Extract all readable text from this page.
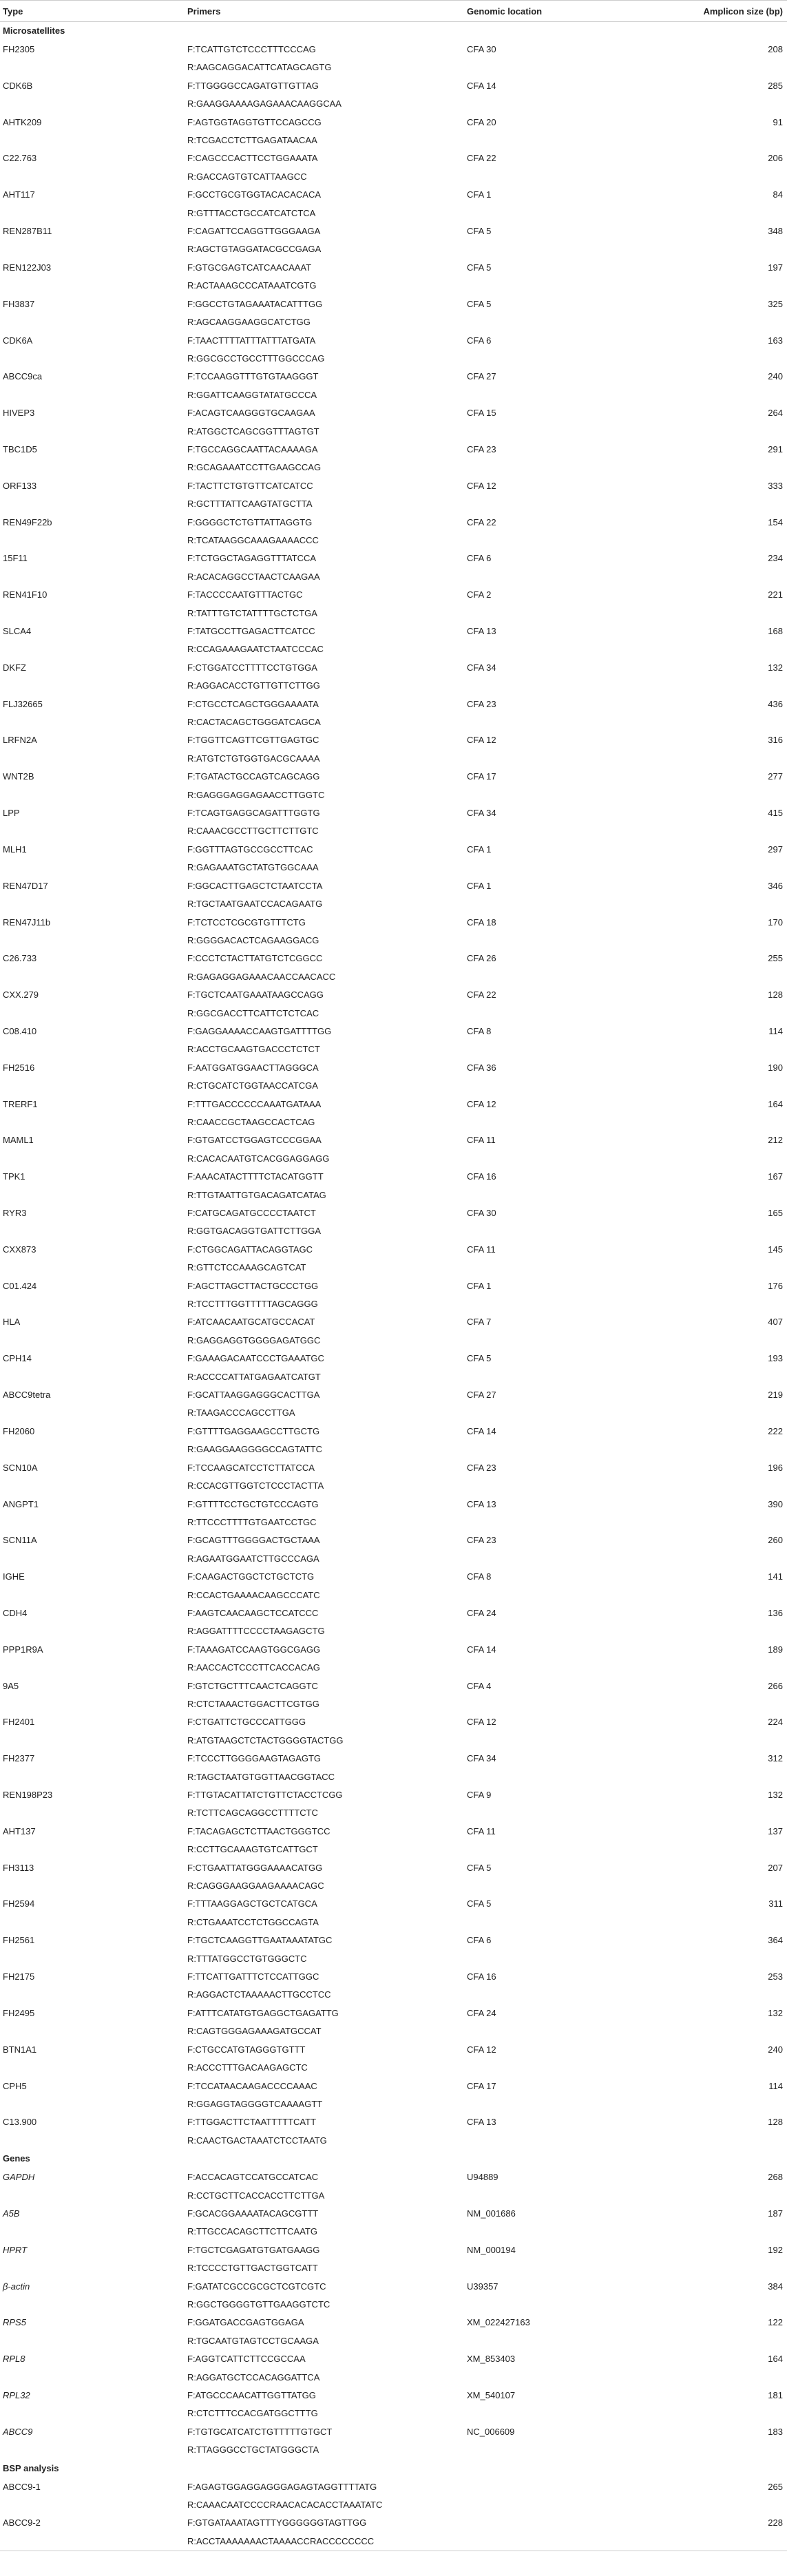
Type	Primers	Genomic location	Amplicon size (bp)
Microsatellites			
FH2305	F:TCATTGTCTCCCTTTCCCAG	CFA 30	208
	R:AAGCAGGACATTCATAGCAGTG		
CDK6B	F:TTGGGGCCAGATGTTGTTAG	CFA 14	285
	R:GAAGGAAAAGAGAAACAAGGCAA		
AHTK209	F:AGTGGTAGGTGTTCCAGCCG	CFA 20	91
	R:TCGACCTCTTGAGATAACAA		
C22.763	F:CAGCCCACTTCCTGGAAATA	CFA 22	206
	R:GACCAGTGTCATTAAGCC		
AHT117	F:GCCTGCGTGGTACACACACA	CFA 1	84
	R:GTTTACCTGCCATCATCTCA		
REN287B11	F:CAGATTCCAGGTTGGGAAGA	CFA 5	348
	R:AGCTGTAGGATACGCCGAGA		
REN122J03	F:GTGCGAGTCATCAACAAAT	CFA 5	197
	R:ACTAAAGCCCATAAATCGTG		
FH3837	F:GGCCTGTAGAAATACATTTGG	CFA 5	325
	R:AGCAAGGAAGGCATCTGG		
CDK6A	F:TAACTTTTATTTATTTATGATA	CFA 6	163
	R:GGCGCCTGCCTTTGGCCCAG		
ABCC9ca	F:TCCAAGGTTTGTGTAAGGGT	CFA 27	240
	R:GGATTCAAGGTATATGCCCA		
HIVEP3	F:ACAGTCAAGGGTGCAAGAA	CFA 15	264
	R:ATGGCTCAGCGGTTTAGTGT		
TBC1D5	F:TGCCAGGCAATTACAAAAGA	CFA 23	291
	R:GCAGAAATCCTTGAAGCCAG		
ORF133	F:TACTTCTGTGTTCATCATCC	CFA 12	333
	R:GCTTTATTCAAGTATGCTTA		
REN49F22b	F:GGGGCTCTGTTATTAGGTG	CFA 22	154
	R:TCATAAGGCAAAGAAAACCC		
15F11	F:TCTGGCTAGAGGTTTATCCA	CFA 6	234
	R:ACACAGGCCTAACTCAAGAA		
REN41F10	F:TACCCCAATGTTTACTGC	CFA 2	221
	R:TATTTGTCTATTTTGCTCTGA		
SLCA4	F:TATGCCTTGAGACTTCATCC	CFA 13	168
	R:CCAGAAAGAATCTAATCCCAC		
DKFZ	F:CTGGATCCTTTTCCTGTGGA	CFA 34	132
	R:AGGACACCTGTTGTTCTTGG		
FLJ32665	F:CTGCCTCAGCTGGGAAAATA	CFA 23	436
	R:CACTACAGCTGGGATCAGCA		
LRFN2A	F:TGGTTCAGTTCGTTGAGTGC	CFA 12	316
	R:ATGTCTGTGGTGACGCAAAA		
WNT2B	F:TGATACTGCCAGTCAGCAGG	CFA 17	277
	R:GAGGGAGGAGAACCTTGGTC		
LPP	F:TCAGTGAGGCAGATTTGGTG	CFA 34	415
	R:CAAACGCCTTGCTTCTTGTC		
MLH1	F:GGTTTAGTGCCGCCTTCAC	CFA 1	297
	R:GAGAAATGCTATGTGGCAAA		
REN47D17	F:GGCACTTGAGCTCTAATCCTA	CFA 1	346
	R:TGCTAATGAATCCACAGAATG		
REN47J11b	F:TCTCCTCGCGTGTTTCTG	CFA 18	170
	R:GGGGACACTCAGAAGGACG		
C26.733	F:CCCTCTACTTATGTCTCGGCC	CFA 26	255
	R:GAGAGGAGAAACAACCAACACC		
CXX.279	F:TGCTCAATGAAATAAGCCAGG	CFA 22	128
	R:GGCGACCTTCATTCTCTCAC		
C08.410	F:GAGGAAAACCAAGTGATTTTGG	CFA 8	114
	R:ACCTGCAAGTGACCCTCTCT		
FH2516	F:AATGGATGGAACTTAGGGCA	CFA 36	190
	R:CTGCATCTGGTAACCATCGA		
TRERF1	F:TTTGACCCCCCAAATGATAAA	CFA 12	164
	R:CAACCGCTAAGCCACTCAG		
MAML1	F:GTGATCCTGGAGTCCCGGAA	CFA 11	212
	R:CACACAATGTCACGGAGGAGG		
TPK1	F:AAACATACTTTTCTACATGGTT	CFA 16	167
	R:TTGTAATTGTGACAGATCATAG		
RYR3	F:CATGCAGATGCCCCTAATCT	CFA 30	165
	R:GGTGACAGGTGATTCTTGGA		
CXX873	F:CTGGCAGATTACAGGTAGC	CFA 11	145
	R:GTTCTCCAAAGCAGTCAT		
C01.424	F:AGCTTAGCTTACTGCCCTGG	CFA 1	176
	R:TCCTTTGGTTTTTAGCAGGG		
HLA	F:ATCAACAATGCATGCCACAT	CFA 7	407
	R:GAGGAGGTGGGGAGATGGC		
CPH14	F:GAAAGACAATCCCTGAAATGC	CFA 5	193
	R:ACCCCATTATGAGAATCATGT		
ABCC9tetra	F:GCATTAAGGAGGGCACTTGA	CFA 27	219
	R:TAAGACCCAGCCTTGA		
FH2060	F:GTTTTGAGGAAGCCTTGCTG	CFA 14	222
	R:GAAGGAAGGGGCCAGTATTC		
SCN10A	F:TCCAAGCATCCTCTTATCCA	CFA 23	196
	R:CCACGTTGGTCTCCCTACTTA		
ANGPT1	F:GTTTTCCTGCTGTCCCAGTG	CFA 13	390
	R:TTCCCTTTTGTGAATCCTGC		
SCN11A	F:GCAGTTTGGGGACTGCTAAA	CFA 23	260
	R:AGAATGGAATCTTGCCCAGA		
IGHE	F:CAAGACTGGCTCTGCTCTG	CFA 8	141
	R:CCACTGAAAACAAGCCCATC		
CDH4	F:AAGTCAACAAGCTCCATCCC	CFA 24	136
	R:AGGATTTTCCCCTAAGAGCTG		
PPP1R9A	F:TAAAGATCCAAGTGGCGAGG	CFA 14	189
	R:AACCACTCCCTTCACCACAG		
9A5	F:GTCTGCTTTCAACTCAGGTC	CFA 4	266
	R:CTCTAAACTGGACTTCGTGG		
FH2401	F:CTGATTCTGCCCATTGGG	CFA 12	224
	R:ATGTAAGCTCTACTGGGGTACTGG		
FH2377	F:TCCCTTGGGGAAGTAGAGTG	CFA 34	312
	R:TAGCTAATGTGGTTAACGGTACC		
REN198P23	F:TTGTACATTATCTGTTCTACCTCGG	CFA 9	132
	R:TCTTCAGCAGGCCTTTTCTC		
AHT137	F:TACAGAGCTCTTAACTGGGTCC	CFA 11	137
	R:CCTTGCAAAGTGTCATTGCT		
FH3113	F:CTGAATTATGGGAAAACATGG	CFA 5	207
	R:CAGGGAAGGAAGAAAACAGC		
FH2594	F:TTTAAGGAGCTGCTCATGCA	CFA 5	311
	R:CTGAAATCCTCTGGCCAGTA		
FH2561	F:TGCTCAAGGTTGAATAAATATGC	CFA 6	364
	R:TTTATGGCCTGTGGGCTC		
FH2175	F:TTCATTGATTTCTCCATTGGC	CFA 16	253
	R:AGGACTCTAAAAACTTGCCTCC		
FH2495	F:ATTTCATATGTGAGGCTGAGATTG	CFA 24	132
	R:CAGTGGGAGAAAGATGCCAT		
BTN1A1	F:CTGCCATGTAGGGTGTTT	CFA 12	240
	R:ACCCTTTGACAAGAGCTC		
CPH5	F:TCCATAACAAGACCCCAAAC	CFA 17	114
	R:GGAGGTAGGGGTCAAAAGTT		
C13.900	F:TTGGACTTCTAATTTTTCATT	CFA 13	128
	R:CAACTGACTAAATCTCCTAATG		
Genes			
GAPDH	F:ACCACAGTCCATGCCATCAC	U94889	268
	R:CCTGCTTCACCACCTTCTTGA		
A5B	F:GCACGGAAAATACAGCGTTT	NM_001686	187
	R:TTGCCACAGCTTCTTCAATG		
HPRT	F:TGCTCGAGATGTGATGAAGG	NM_000194	192
	R:TCCCCTGTTGACTGGTCATT		
β-actin	F:GATATCGCCGCGCTCGTCGTC	U39357	384
	R:GGCTGGGGTGTTGAAGGTCTC		
RPS5	F:GGATGACCGAGTGGAGA	XM_022427163	122
	R:TGCAATGTAGTCCTGCAAGA		
RPL8	F:AGGTCATTCTTCCGCCAA	XM_853403	164
	R:AGGATGCTCCACAGGATTCA		
RPL32	F:ATGCCCAACATTGGTTATGG	XM_540107	181
	R:CTCTTTCCACGATGGCTTTG		
ABCC9	F:TGTGCATCATCTGTTTTTGTGCT	NC_006609	183
	R:TTAGGGCCTGCTATGGGCTA		
BSP analysis			
ABCC9-1	F:AGAGTGGAGGAGGGAGAGTAGGTTTTATG		265
	R:CAAACAATCCCCRAACACACACCTAAATATC		
ABCC9-2	F:GTGATAAATAGTTTYGGGGGGTAGTTGG		228
	R:ACCTAAAAAAACTAAAACCRACCCCCCCC		
